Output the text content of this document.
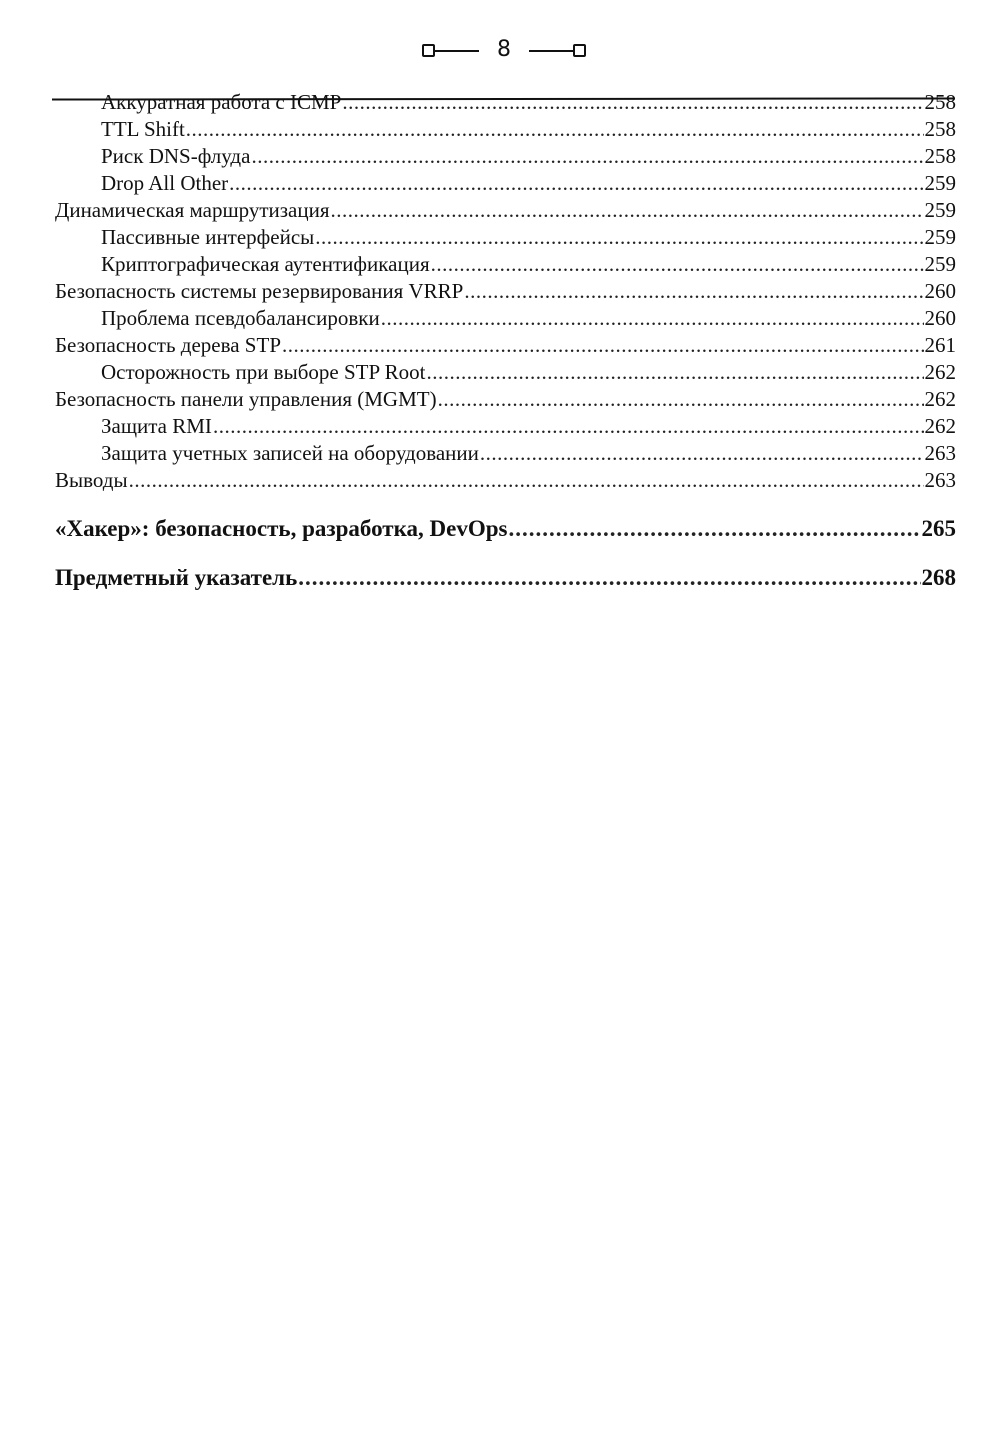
8
Аккуратная работа с ICMP .....	258
TTL Shift .....	258
Риск DNS-флуда .....	258
Drop All Other .....	259
Динамическая маршрутизация .....	259
Пассивные интерфейсы .....	259
Криптографическая аутентификация .....	259
Безопасность системы резервирования VRRP .....	260
Проблема псевдобалансировки .....	260
Безопасность дерева STP .....	261
Осторожность при выборе STP Root .....	262
Безопасность панели управления (MGMT) .....	262
Защита RMI .....	262
Защита учетных записей на оборудовании .....	263
Выводы .....	263
«Хакер»: безопасность, разработка, DevOps .....	265
Предметный указатель .....	268
